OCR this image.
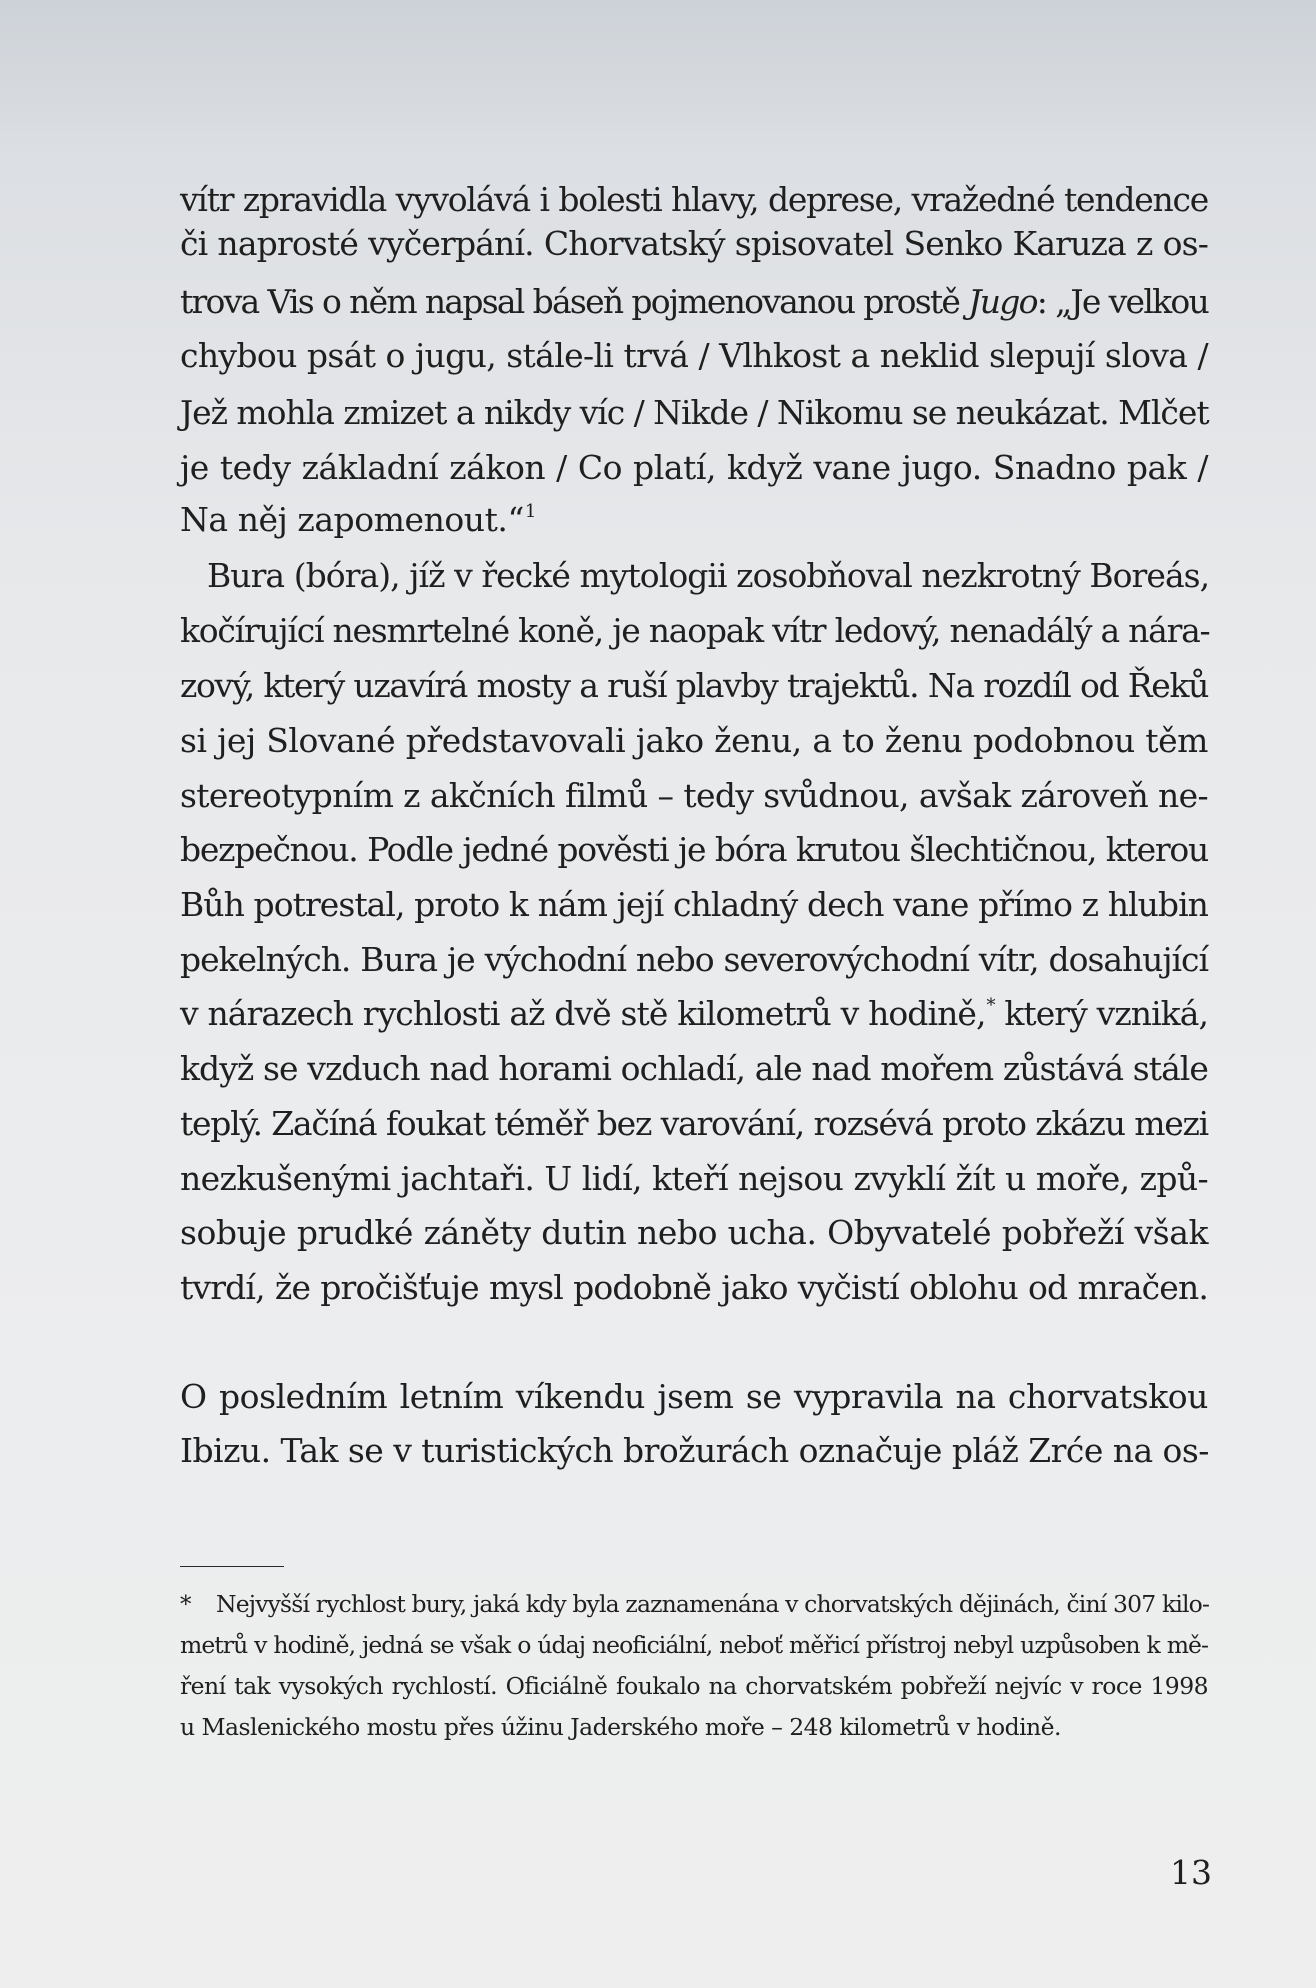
vítr zpravidla vyvolává i bolesti hlavy, deprese, vražedné tendence
či naprosté vyčerpání. Chorvatský spisovatel Senko Karuza z os-
trova Vis o něm napsal báseň pojmenovanou prostě Jugo: „Je velkou
chybou psát o jugu, stále-li trvá / Vlhkost a neklid slepují slova /
Jež mohla zmizet a nikdy víc / Nikde / Nikomu se neukázat. Mlčet
je tedy základní zákon / Co platí, když vane jugo. Snadno pak /
Na něj zapomenout.“$^1$
Bura (bóra), jíž v řecké mytologii zosobňoval nezkrotný Boreás,
kočírující nesmrtelné koně, je naopak vítr ledový, nenadálý a nára-
zový, který uzavírá mosty a ruší plavby trajektů. Na rozdíl od Řeků
si jej Slované představovali jako ženu, a to ženu podobnou těm
stereotypním z akčních filmů – tedy svůdnou, avšak zároveň ne-
bezpečnou. Podle jedné pověsti je bóra krutou šlechtičnou, kterou
Bůh potrestal, proto k nám její chladný dech vane přímo z hlubin
pekelných. Bura je východní nebo severovýchodní vítr, dosahující
v nárazech rychlosti až dvě stě kilometrů v hodině,* který vzniká,
když se vzduch nad horami ochladí, ale nad mořem zůstává stále
teplý. Začíná foukat téměř bez varování, rozsévá proto zkázu mezi
nezkušenými jachtaři. U lidí, kteří nejsou zvyklí žít u moře, způ-
sobuje prudké záněty dutin nebo ucha. Obyvatelé pobřeží však
tvrdí, že pročišťuje mysl podobně jako vyčistí oblohu od mračen.
O posledním letním víkendu jsem se vypravila na chorvatskou
Ibizu. Tak se v turistických brožurách označuje pláž Zrće na os-
* Nejvyšší rychlost bury, jaká kdy byla zaznamenána v chorvatských dějinách, činí 307 kilo-
metrů v hodině, jedná se však o údaj neoficiální, neboť měřicí přístroj nebyl uzpůsoben k mě-
ření tak vysokých rychlostí. Oficiálně foukalo na chorvatském pobřeží nejvíc v roce 1998
u Maslenického mostu přes úžinu Jaderského moře – 248 kilometrů v hodině.
13
